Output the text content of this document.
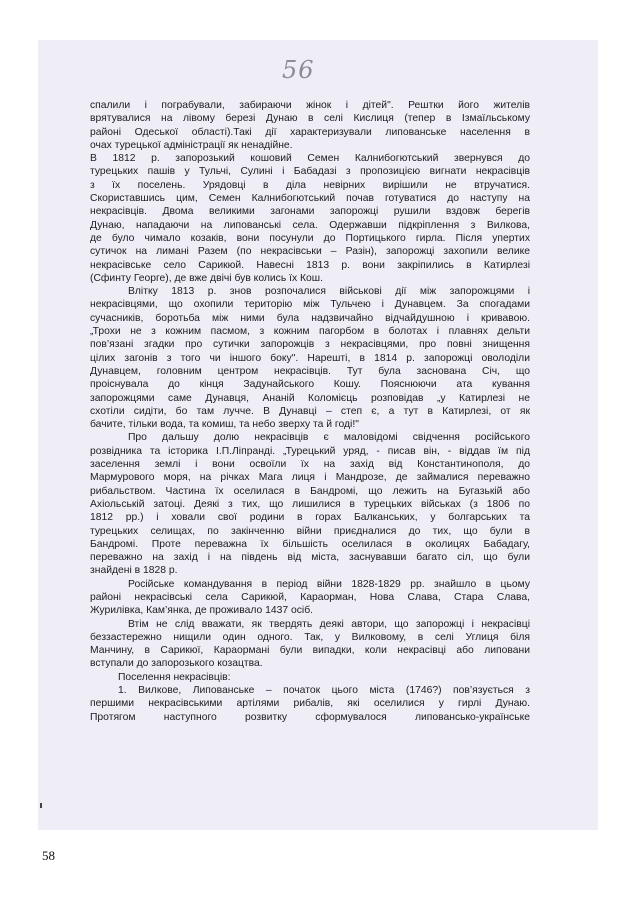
56
спалили і пограбували, забираючи жінок і дітей". Рештки його жителів
врятувалися на лівому березі Дунаю в селі Кислиця (тепер в Ізмаїльському
районі Одеської області).Такі дії характеризували липованське населення в
очах турецької адміністрації як ненадійне.
В 1812 р. запорозький кошовий Семен Калнибогютський звернувся до
турецьких пашів у Тульчі, Сулині і Бабадазі з пропозицією вигнати некрасівців
з їх поселень. Урядовці в діла невірних вирішили не втручатися.
Скориставшись цим, Семен Калнибогютський почав готуватися до наступу на
некрасівців. Двома великими загонами запорожці рушили вздовж берегів
Дунаю, нападаючи на липованські села. Одержавши підкріплення з Вилкова,
де було чимало козаків, вони посунули до Портицького гирла. Після упертих
сутичок на лимані Разем (по некрасівськи – Разін), запорожці захопили велике
некрасівське село Сарикюй. Навесні 1813 р. вони закріпились в Катирлезі
(Сфинту Георге), де вже двічі був колись їх Кош.
Влітку 1813 р. знов розпочалися військові дії між запорожцями і
некрасівцями, що охопили територію між Тульчею і Дунавцем. За спогадами
сучасників, боротьба між ними була надзвичайно відчайдушною і кривавою.
„Трохи не з кожним пасмом, з кожним пагорбом в болотах і плавнях дельти
пов’язані згадки про сутички запорожців з некрасівцями, про повні знищення
цілих загонів з того чи іншого боку". Нарешті, в 1814 р. запорожці оволоділи
Дунавцем, головним центром некрасівців. Тут була заснована Січ, що
проіснувала до кінця Задунайського Кошу. Пояснюючи ата кування
запорожцями саме Дунавця, Ананій Коломієць розповідав „у Катирлезі не
схотіли сидіти, бо там лучче. В Дунавці – степ є, а тут в Катирлезі, от як
бачите, тільки вода, та комиш, та небо зверху та й годі!"
Про дальшу долю некрасівців є маловідомі свідчення російського
розвідника та історика І.П.Ліпранді. „Турецький уряд, - писав він, - віддав їм під
заселення землі і вони освоїли їх на захід від Константинополя, до
Мармурового моря, на річках Мага лиця і Мандрозе, де займалися переважно
рибальством. Частина їх оселилася в Бандромі, що лежить на Бугазькій або
Ахіольській затоці. Деякі з тих, що лишилися в турецьких військах (з 1806 по
1812 рр.) і ховали свої родини в горах Балканських, у болгарських та
турецьких селищах, по закінченню війни приєдналися до тих, що були в
Бандромі. Проте переважна їх більшість оселилася в околицях Бабадагу,
переважно на захід і на південь від міста, заснувавши багато сіл, що були
знайдені в 1828 р.
Російське командування в період війни 1828-1829 рр. знайшло в цьому
районі некрасівські села Сарикюй, Караорман, Нова Слава, Стара Слава,
Журилівка, Кам’янка, де проживало 1437 осіб.
Втім не слід вважати, як твердять деякі автори, що запорожці і некрасівці
беззастережно нищили один одного. Так, у Вилковому, в селі Углиця біля
Манчину, в Сарикюї, Караормані були випадки, коли некрасівці або липовани
вступали до запорозького козацтва.
Поселення некрасівців:
1. Вилкове, Липованське – початок цього міста (1746?) пов’язується з
першими некрасівськими артілями рибалів, які оселилися у гирлі Дунаю.
Протягом наступного розвитку сформувалося липованськo-українське
58
